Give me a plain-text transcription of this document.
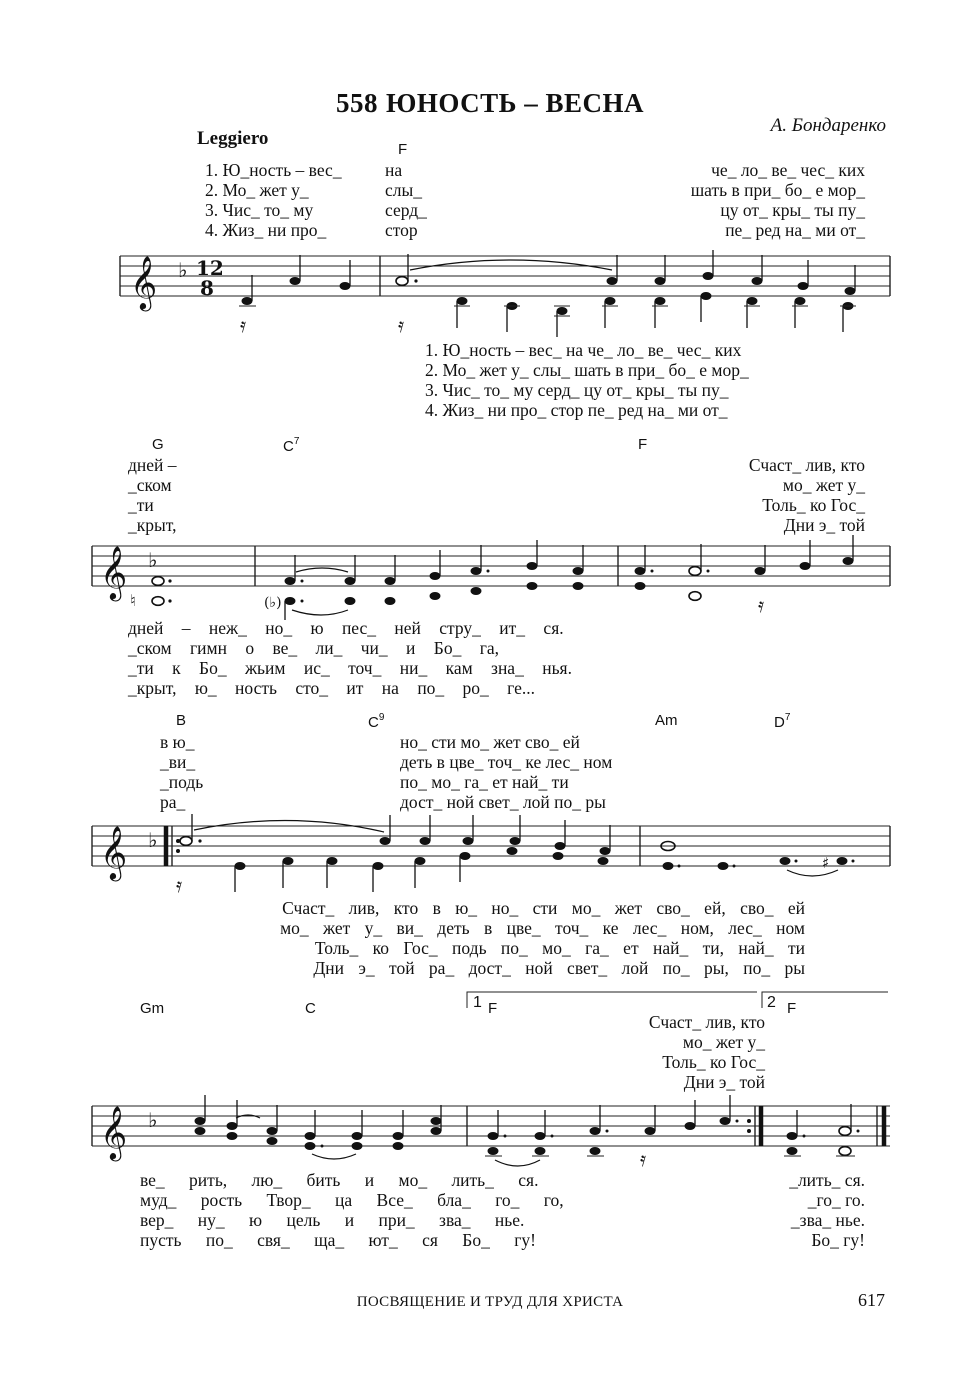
558 ЮНОСТЬ – ВЕСНА
А. Бондаренко
Leggiero
F
1. Ю_ность – вес_
2. Мо_ жет у_
3. Чис_ то_ му
4. Жиз_ ни про_
на
слы_
серд_
стор
че_ ло_ ве_ чес_ ких
шать в при_ бо_ е мор_
цу от_ кры_ ты пу_
пе_ ред на_ ми от_
𝄞 ♭ 12
8
𝄿	𝄿
1. Ю_ность – вес_ на че_ ло_ ве_ чес_ ких
2. Мо_ жет у_ слы_ шать в при_ бо_ е мор_
3. Чис_ то_ му серд_ цу от_ кры_ ты пу_
4. Жиз_ ни про_ стор пе_ ред на_ ми от_
G	$C^7$	F
дней –
_ском
_ти
_крыт,
Счаст_ лив, кто
мо_ жет у_
Толь_ ко Гос_
Дни э_ той
𝄞 ♭
♮	(♭)	𝄿
дней – неж_ но_ ю пес_ ней стру_ ит_ ся.
_ском гимн о ве_ ли_ чи_ и Бо_ га,
_ти к Бо_ жьим ис_ точ_ ни_ кам зна_ нья.
_крыт, ю_ ность сто_ ит на по_ ро_ ге...
B	$C^9$	Am	$D^7$
в ю_
_ви_
_подь
ра_
но_ сти мо_ жет сво_ ей
деть в цве_ точ_ ке лес_ ном
по_ мо_ га_ ет най_ ти
дост_ ной свет_ лой по_ ры
𝄞 ♭
𝄿
♯
Счаст_ лив, кто в ю_ но_ сти мо_ жет сво_ ей, сво_ ей
мо_ жет у_ ви_ деть в цве_ точ_ ке лес_ ном, лес_ ном
Толь_ ко Гос_ подь по_ мо_ га_ ет най_ ти, най_ ти
Дни э_ той ра_ дост_ ной свет_ лой по_ ры, по_ ры
Gm	C	1 F	2 F
Счаст_ лив, кто
мо_ жет у_
Толь_ ко Гос_
Дни э_ той
𝄞 ♭
𝄿
ве_ рить, лю_ бить и мо_ лить_ ся.
муд_ рость Твор_ ца Все_ бла_ го_ го,
вер_ ну_ ю цель и при_ зва_ нье.
пусть по_ свя_ ща_ ют_ ся Бо_ гу!
_лить_ ся.
_го_ го.
_зва_ нье.
Бо_ гу!
ПОСВЯЩЕНИЕ И ТРУД ДЛЯ ХРИСТА	617
